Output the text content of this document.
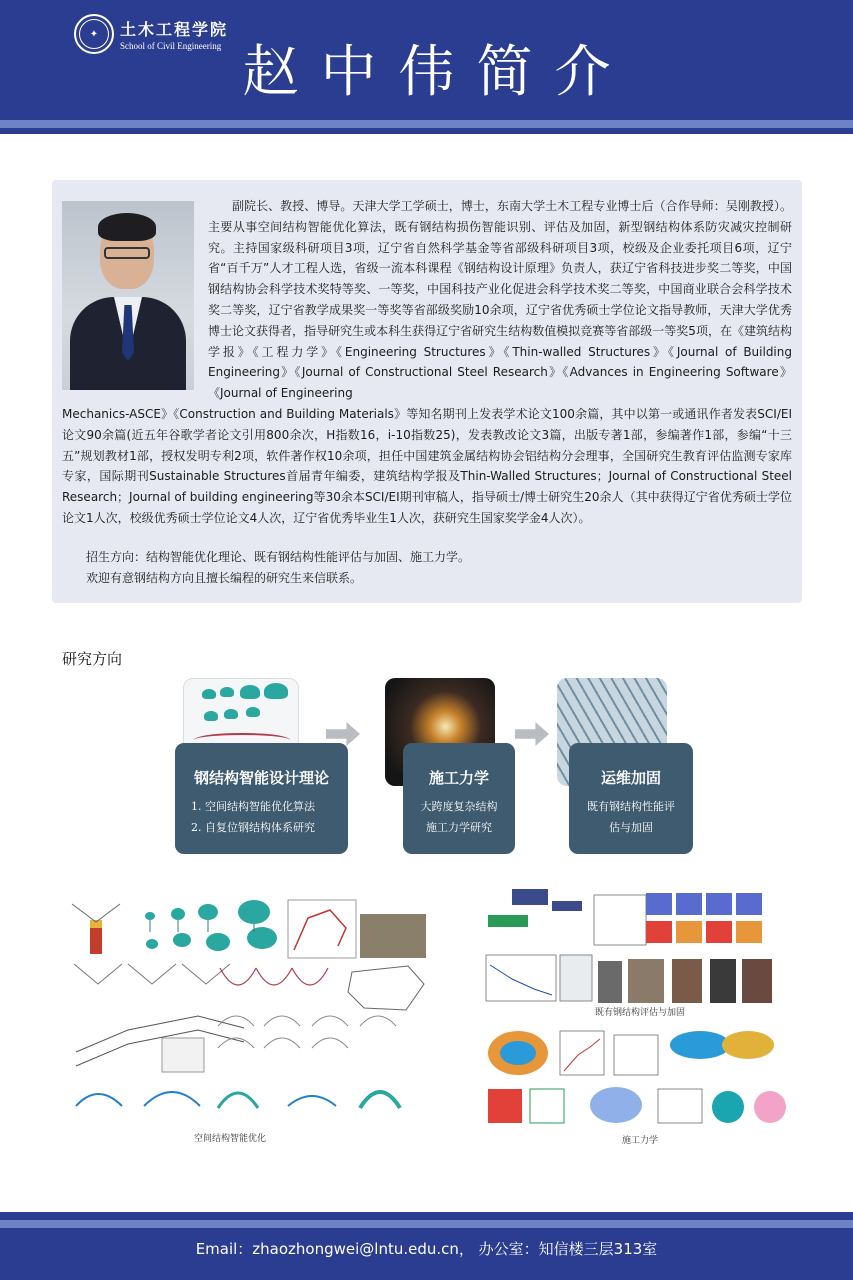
✦ 土木工程学院
School of Civil Engineering 赵中伟简介
副院长、教授、博导。天津大学工学硕士，博士，东南大学土木工程专业博士后（合作导师：吴刚教授）。主要从事空间结构智能优化算法，既有钢结构损伤智能识别、评估及加固，新型钢结构体系防灾减灾控制研究。主持国家级科研项目3项，辽宁省自然科学基金等省部级科研项目3项，校级及企业委托项目6项，辽宁省“百千万”人才工程人选，省级一流本科课程《钢结构设计原理》负责人，获辽宁省科技进步奖二等奖，中国钢结构协会科学技术奖特等奖、一等奖，中国科技产业化促进会科学技术奖二等奖，中国商业联合会科学技术奖二等奖，辽宁省教学成果奖一等奖等省部级奖励10余项，辽宁省优秀硕士学位论文指导教师，天津大学优秀博士论文获得者，指导研究生或本科生获得辽宁省研究生结构数值模拟竞赛等省部级一等奖5项，在《建筑结构学报》《工程力学》《Engineering Structures》《Thin-walled Structures》《Journal of Building Engineering》《Journal of Constructional Steel Research》《Advances in Engineering Software》《Journal of Engineering
Mechanics-ASCE》《Construction and Building Materials》等知名期刊上发表学术论文100余篇，其中以第一或通讯作者发表SCI/EI论文90余篇(近五年谷歌学者论文引用800余次，H指数16，i-10指数25)，发表教改论文3篇，出版专著1部，参编著作1部，参编“十三五”规划教材1部，授权发明专利2项，软件著作权10余项，担任中国建筑金属结构协会铝结构分会理事，全国研究生教育评估监测专家库专家，国际期刊Sustainable Structures首届青年编委，建筑结构学报及Thin-Walled Structures；Journal of Constructional Steel Research；Journal of building engineering等30余本SCI/EI期刊审稿人，指导硕士/博士研究生20余人（其中获得辽宁省优秀硕士学位论文1人次，校级优秀硕士学位论文4人次，辽宁省优秀毕业生1人次，获研究生国家奖学金4人次）。
招生方向：结构智能优化理论、既有钢结构性能评估与加固、施工力学。
欢迎有意钢结构方向且擅长编程的研究生来信联系。
研究方向
钢结构智能设计理论
1. 空间结构智能优化算法
2. 自复位钢结构体系研究
施工力学
大跨度复杂结构
施工力学研究
运维加固
既有钢结构性能评
估与加固
空间结构智能优化
既有钢结构评估与加固
施工力学
Email：zhaozhongwei@lntu.edu.cn， 办公室：知信楼三层313室
